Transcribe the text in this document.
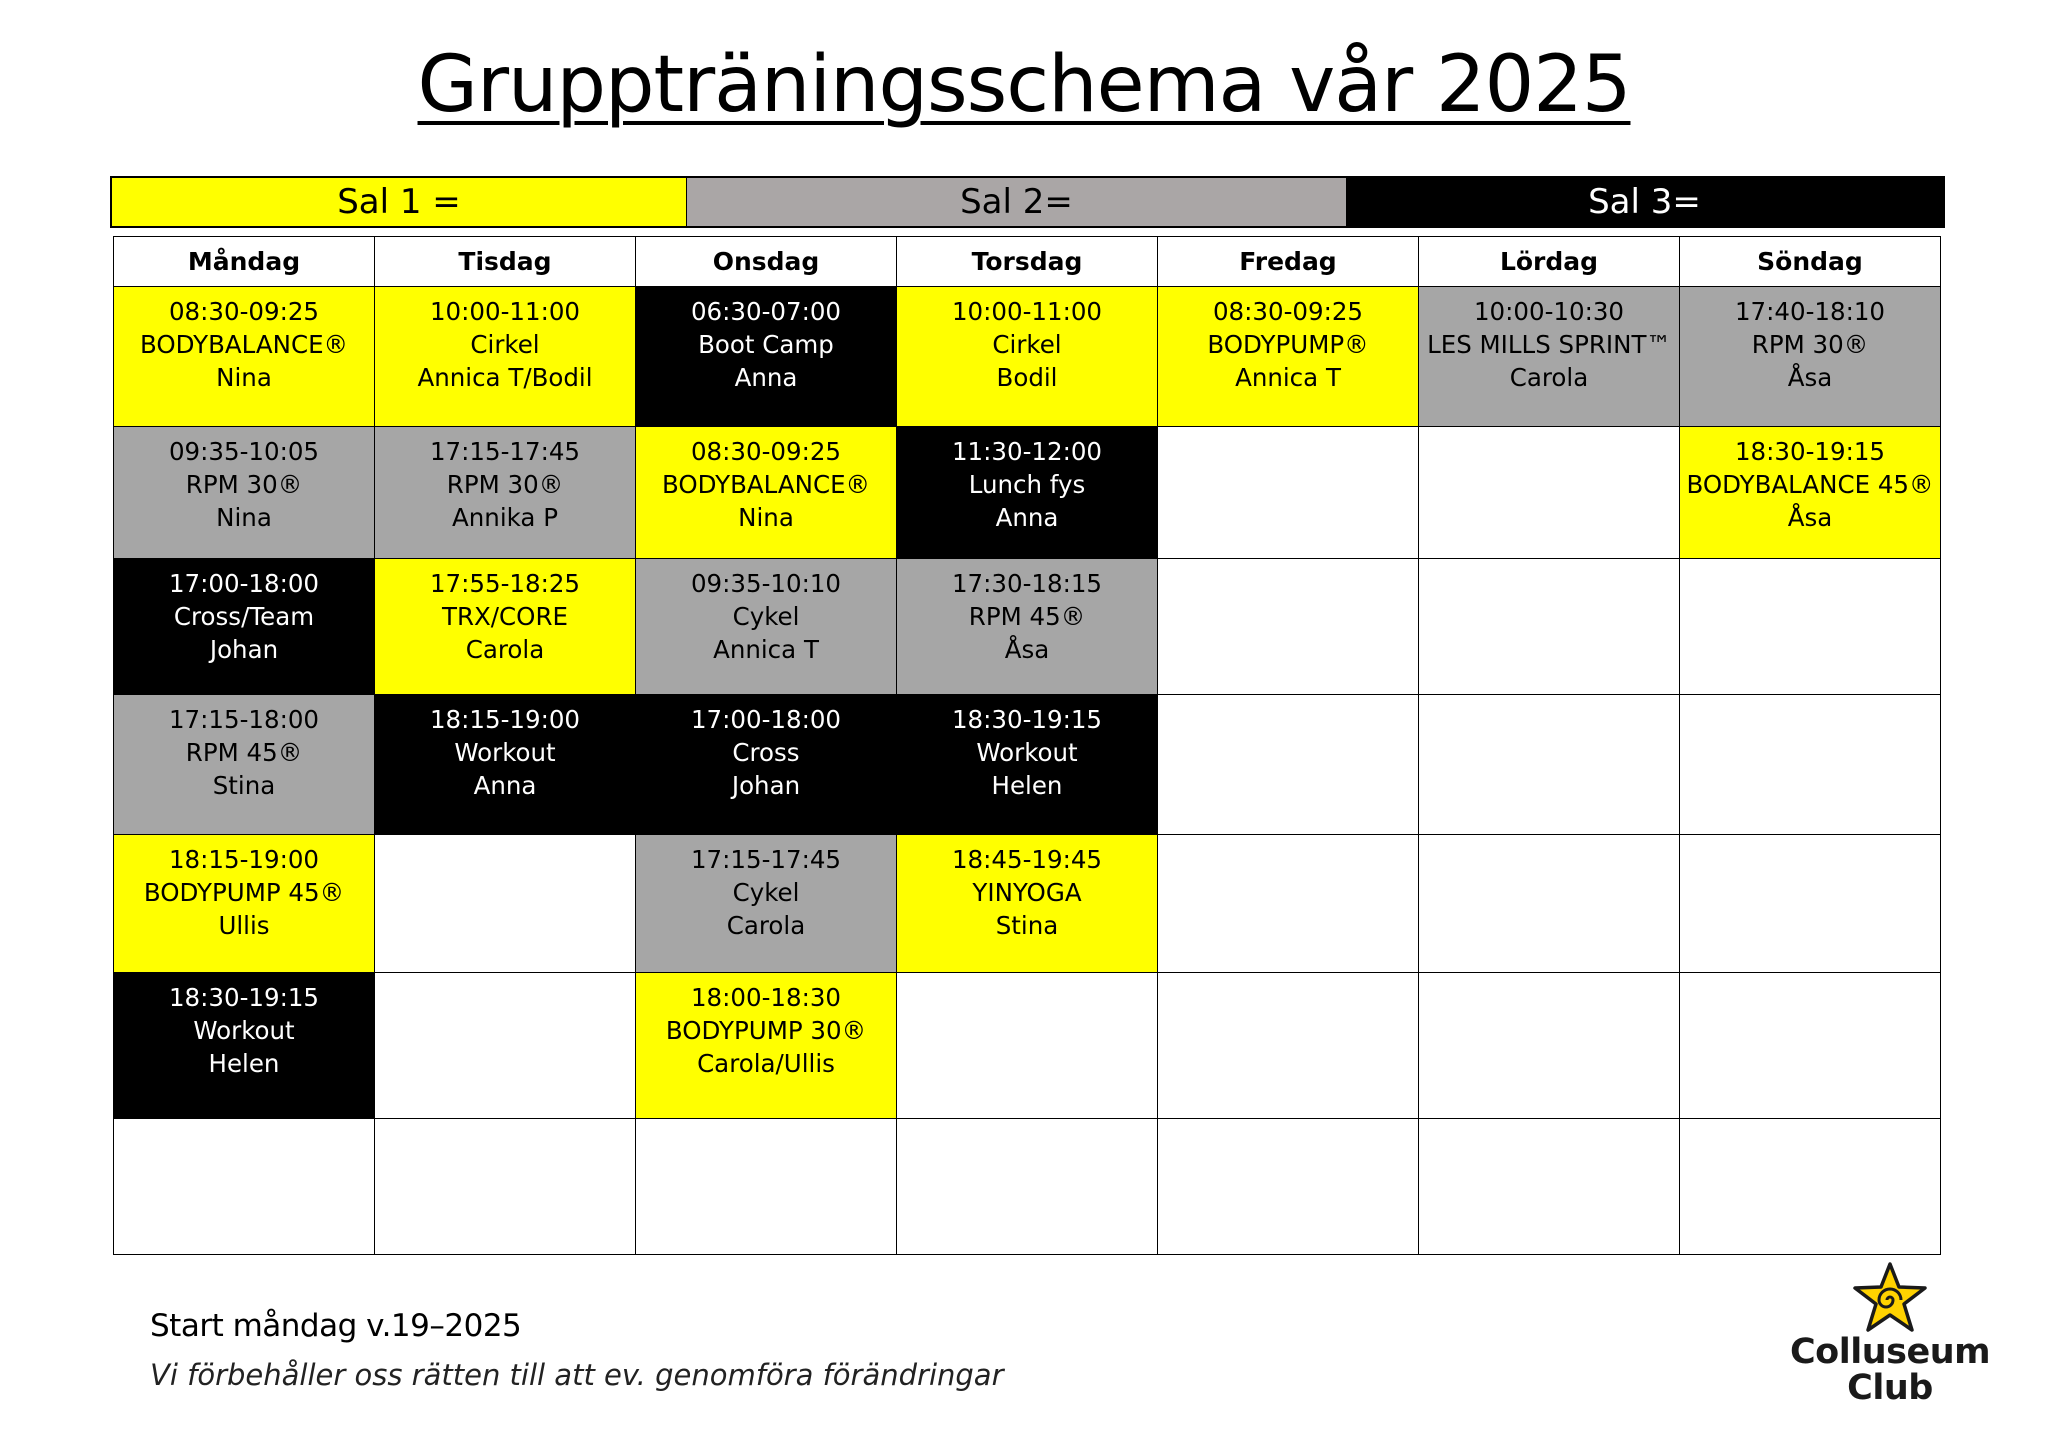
Gruppträningsschema vår 2025
Sal 1 =	Sal 2=	Sal 3=
Måndag	Tisdag	Onsdag	Torsdag	Fredag	Lördag	Söndag

08:30-09:25
BODYBALANCE®
Nina	10:00-11:00
Cirkel
Annica T/Bodil	06:30-07:00
Boot Camp
Anna	10:00-11:00
Cirkel
Bodil	08:30-09:25
BODYPUMP®
Annica T	10:00-10:30
LES MILLS SPRINT™
Carola	17:40-18:10
RPM 30®
Åsa

09:35-10:05
RPM 30®
Nina	17:15-17:45
RPM 30®
Annika P	08:30-09:25
BODYBALANCE®
Nina	11:30-12:00
Lunch fys
Anna			18:30-19:15
BODYBALANCE 45®
Åsa

17:00-18:00
Cross/Team
Johan	17:55-18:25
TRX/CORE
Carola	09:35-10:10
Cykel
Annica T	17:30-18:15
RPM 45®
Åsa			

17:15-18:00
RPM 45®
Stina	18:15-19:00
Workout
Anna	17:00-18:00
Cross
Johan	18:30-19:15
Workout
Helen			

18:15-19:00
BODYPUMP 45®
Ullis		17:15-17:45
Cykel
Carola	18:45-19:45
YINYOGA
Stina			

18:30-19:15
Workout
Helen		18:00-18:30
BODYPUMP 30®
Carola/Ullis				

Start måndag v.19–2025
Vi förbehåller oss rätten till att ev. genomföra förändringar
Colluseum
Club
